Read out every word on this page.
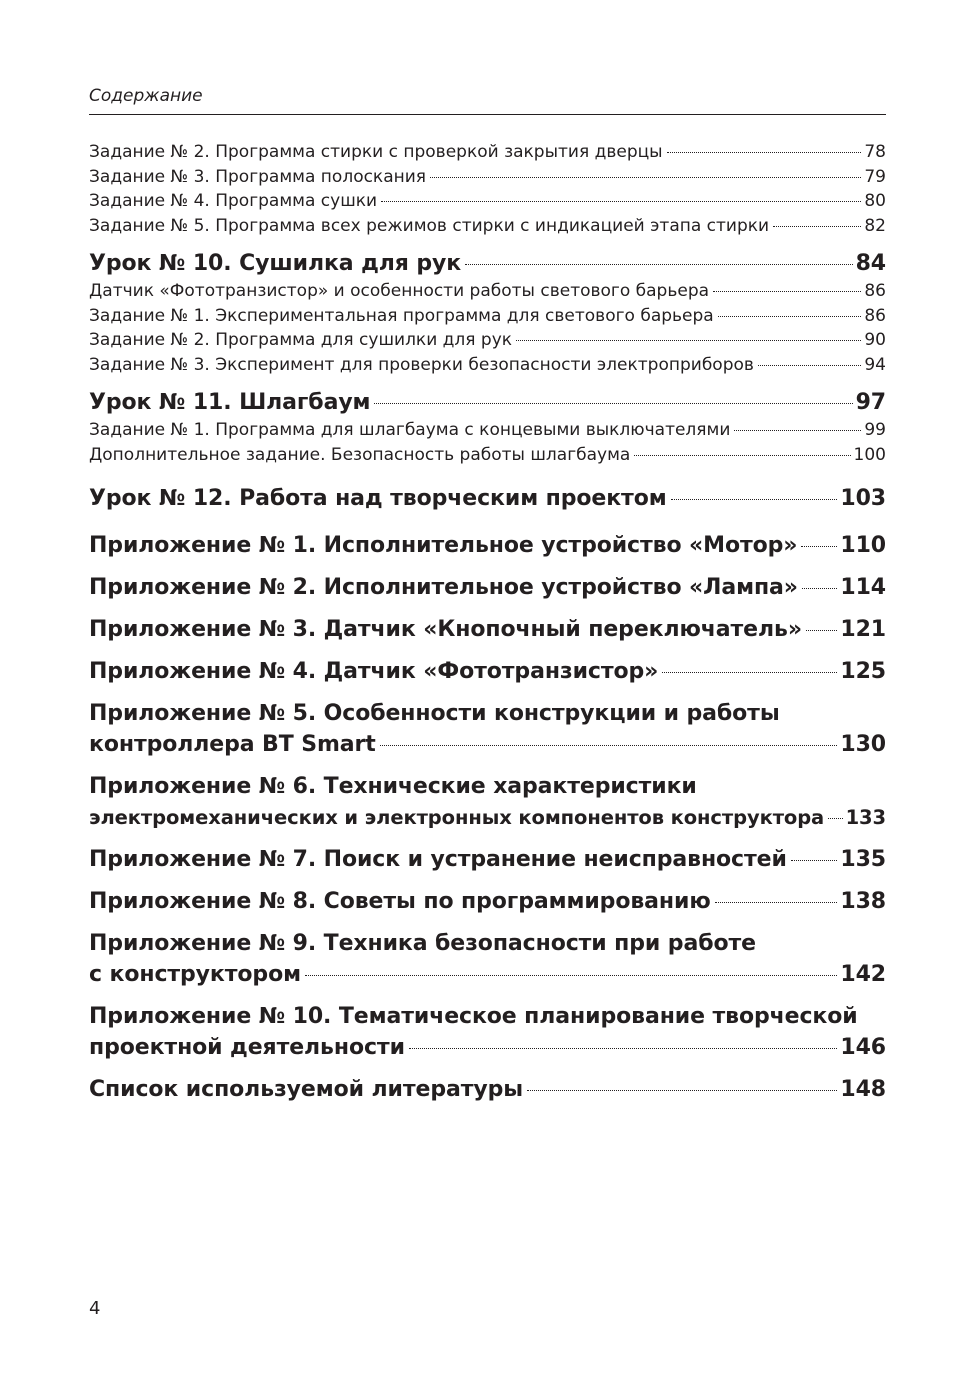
Содержание
Задание № 2. Программа стирки с проверкой закрытия дверцы	78
Задание № 3. Программа полоскания	79
Задание № 4. Программа сушки	80
Задание № 5. Программа всех режимов стирки с индикацией этапа стирки	82
Урок № 10. Сушилка для рук	84
Датчик «Фототранзистор» и особенности работы светового барьера	86
Задание № 1. Экспериментальная программа для светового барьера	86
Задание № 2. Программа для сушилки для рук	90
Задание № 3. Эксперимент для проверки безопасности электроприборов	94
Урок № 11. Шлагбаум	97
Задание № 1. Программа для шлагбаума с концевыми выключателями	99
Дополнительное задание. Безопасность работы шлагбаума	100
Урок № 12. Работа над творческим проектом	103
Приложение № 1. Исполнительное устройство «Мотор» 110
Приложение № 2. Исполнительное устройство «Лампа» 114
Приложение № 3. Датчик «Кнопочный переключатель» 121
Приложение № 4. Датчик «Фототранзистор»	125
Приложение № 5. Особенности конструкции и работы
контроллера BT Smart	130
Приложение № 6. Технические характеристики
электромеханических и электронных компонентов конструктора 133
Приложение № 7. Поиск и устранение неисправностей 135
Приложение № 8. Советы по программированию	138
Приложение № 9. Техника безопасности при работе
с конструктором	142
Приложение № 10. Тематическое планирование творческой
проектной деятельности	146
Список используемой литературы	148
4
